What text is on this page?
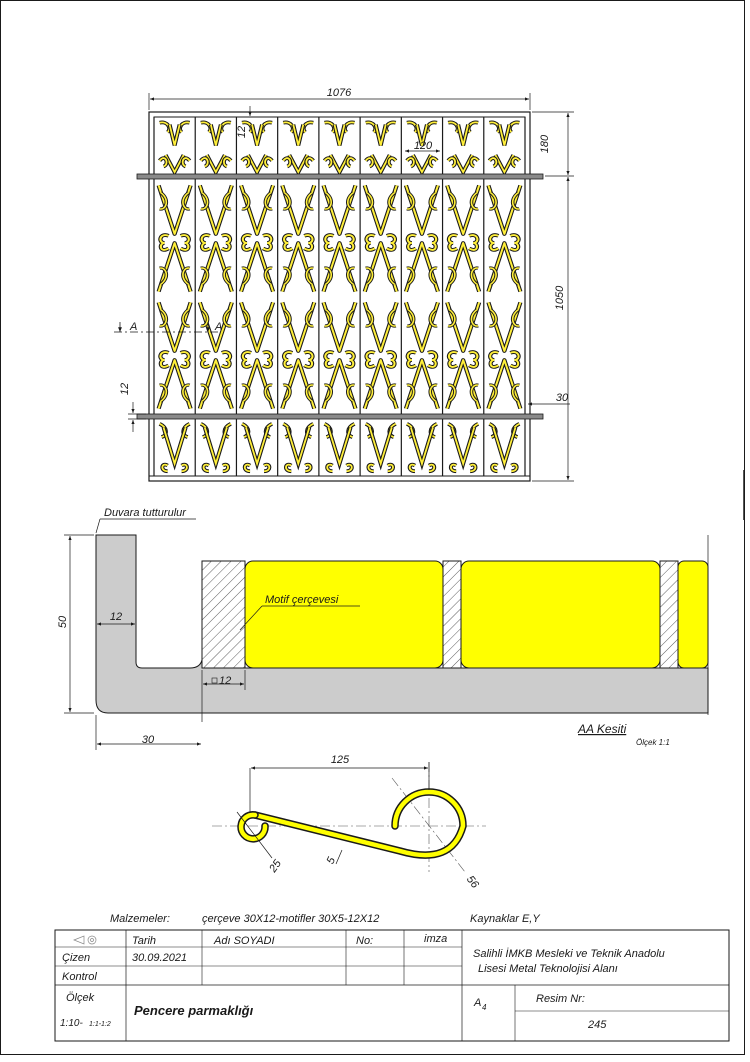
1076
180
1050
12
120
12
30
A	A
Duvara tutturulur
Motif çerçevesi
50	12
12
30
AA Kesiti
Ölçek 1:1
125
25	5
56
Malzemeler:	çerçeve 30X12-motifler 30X5-12X12	Kaynaklar E,Y
Tarih	Adı SOYADI	No:	imza
Çizen	30.09.2021
Kontrol
Salihli İMKB Mesleki ve Teknik Anadolu
Lisesi Metal Teknolojisi Alanı
Ölçek
1:10- 1:1-1:2
Pencere parmaklığı	A 4
Resim Nr:
245
